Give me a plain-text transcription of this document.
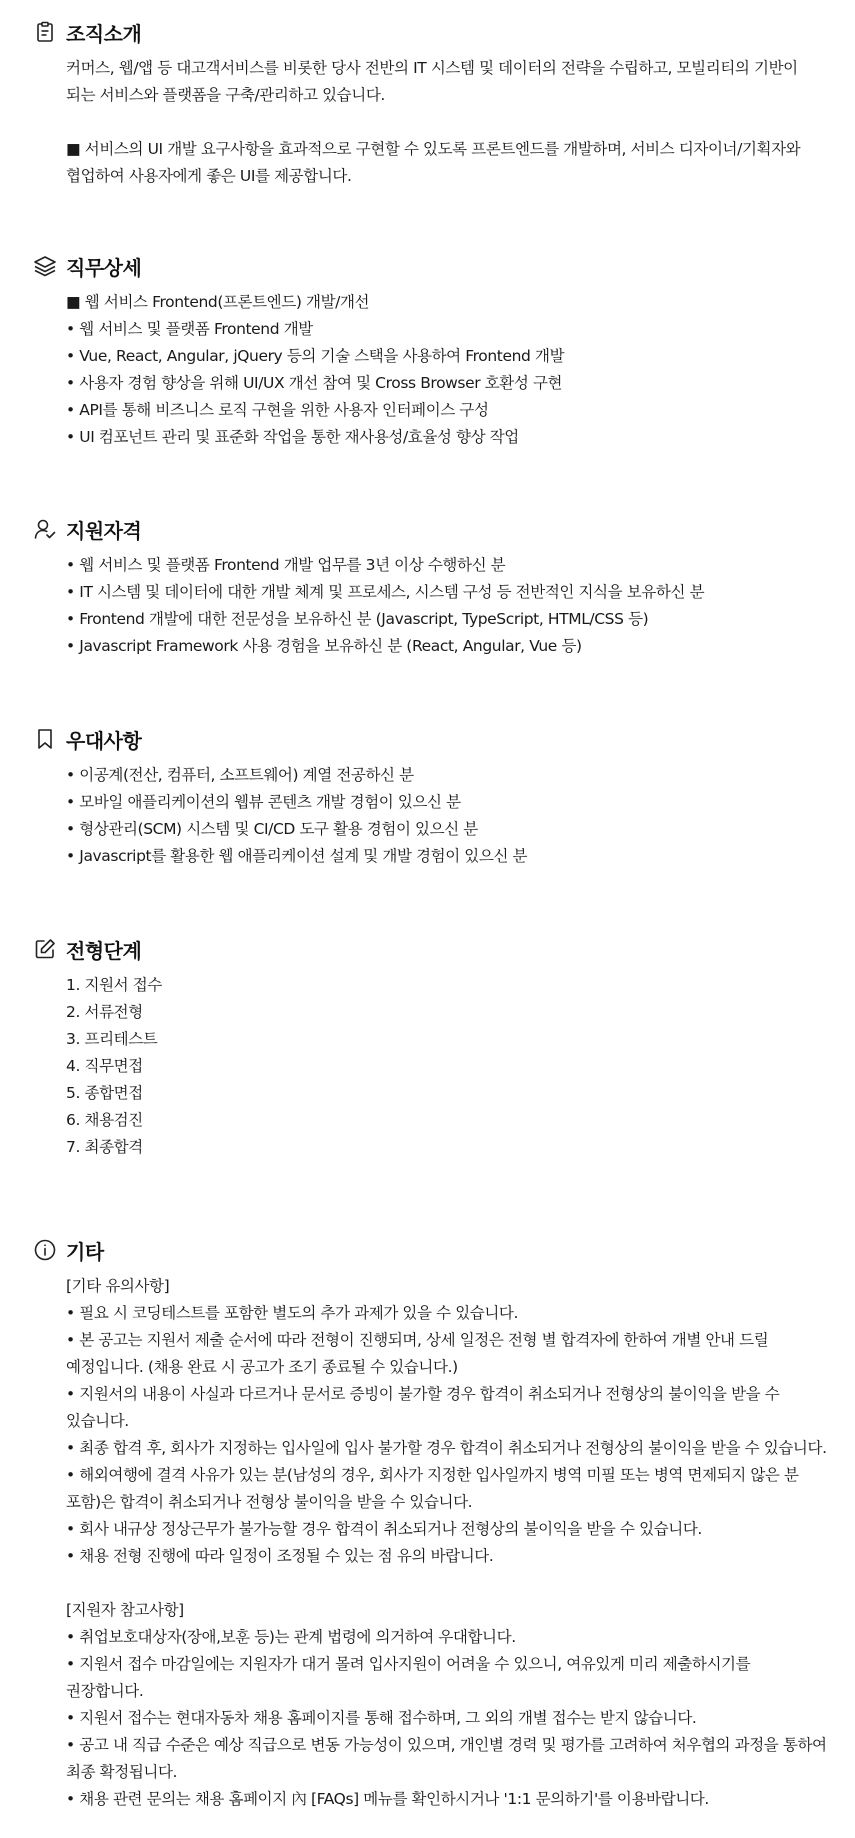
조직소개
커머스, 웹/앱 등 대고객서비스를 비롯한 당사 전반의 IT 시스템 및 데이터의 전략을 수립하고, 모빌리티의 기반이
되는 서비스와 플랫폼을 구축/관리하고 있습니다.
■ 서비스의 UI 개발 요구사항을 효과적으로 구현할 수 있도록 프론트엔드를 개발하며, 서비스 디자이너/기획자와
협업하여 사용자에게 좋은 UI를 제공합니다.
직무상세
■ 웹 서비스 Frontend(프론트엔드) 개발/개선
• 웹 서비스 및 플랫폼 Frontend 개발
• Vue, React, Angular, jQuery 등의 기술 스택을 사용하여 Frontend 개발
• 사용자 경험 향상을 위해 UI/UX 개선 참여 및 Cross Browser 호환성 구현
• API를 통해 비즈니스 로직 구현을 위한 사용자 인터페이스 구성
• UI 컴포넌트 관리 및 표준화 작업을 통한 재사용성/효율성 향상 작업
지원자격
• 웹 서비스 및 플랫폼 Frontend 개발 업무를 3년 이상 수행하신 분
• IT 시스템 및 데이터에 대한 개발 체계 및 프로세스, 시스템 구성 등 전반적인 지식을 보유하신 분
• Frontend 개발에 대한 전문성을 보유하신 분 (Javascript, TypeScript, HTML/CSS 등)
• Javascript Framework 사용 경험을 보유하신 분 (React, Angular, Vue 등)
우대사항
• 이공계(전산, 컴퓨터, 소프트웨어) 계열 전공하신 분
• 모바일 애플리케이션의 웹뷰 콘텐츠 개발 경험이 있으신 분
• 형상관리(SCM) 시스템 및 CI/CD 도구 활용 경험이 있으신 분
• Javascript를 활용한 웹 애플리케이션 설계 및 개발 경험이 있으신 분
전형단계
1. 지원서 접수
2. 서류전형
3. 프리테스트
4. 직무면접
5. 종합면접
6. 채용검진
7. 최종합격
기타
[기타 유의사항]
• 필요 시 코딩테스트를 포함한 별도의 추가 과제가 있을 수 있습니다.
• 본 공고는 지원서 제출 순서에 따라 전형이 진행되며, 상세 일정은 전형 별 합격자에 한하여 개별 안내 드릴
예정입니다. (채용 완료 시 공고가 조기 종료될 수 있습니다.)
• 지원서의 내용이 사실과 다르거나 문서로 증빙이 불가할 경우 합격이 취소되거나 전형상의 불이익을 받을 수
있습니다.
• 최종 합격 후, 회사가 지정하는 입사일에 입사 불가할 경우 합격이 취소되거나 전형상의 불이익을 받을 수 있습니다.
• 해외여행에 결격 사유가 있는 분(남성의 경우, 회사가 지정한 입사일까지 병역 미필 또는 병역 면제되지 않은 분
포함)은 합격이 취소되거나 전형상 불이익을 받을 수 있습니다.
• 회사 내규상 정상근무가 불가능할 경우 합격이 취소되거나 전형상의 불이익을 받을 수 있습니다.
• 채용 전형 진행에 따라 일정이 조정될 수 있는 점 유의 바랍니다.
[지원자 참고사항]
• 취업보호대상자(장애,보훈 등)는 관계 법령에 의거하여 우대합니다.
• 지원서 접수 마감일에는 지원자가 대거 몰려 입사지원이 어려울 수 있으니, 여유있게 미리 제출하시기를
권장합니다.
• 지원서 접수는 현대자동차 채용 홈페이지를 통해 접수하며, 그 외의 개별 접수는 받지 않습니다.
• 공고 내 직급 수준은 예상 직급으로 변동 가능성이 있으며, 개인별 경력 및 평가를 고려하여 처우협의 과정을 통하여
최종 확정됩니다.
• 채용 관련 문의는 채용 홈페이지 內 [FAQs] 메뉴를 확인하시거나 '1:1 문의하기'를 이용바랍니다.
